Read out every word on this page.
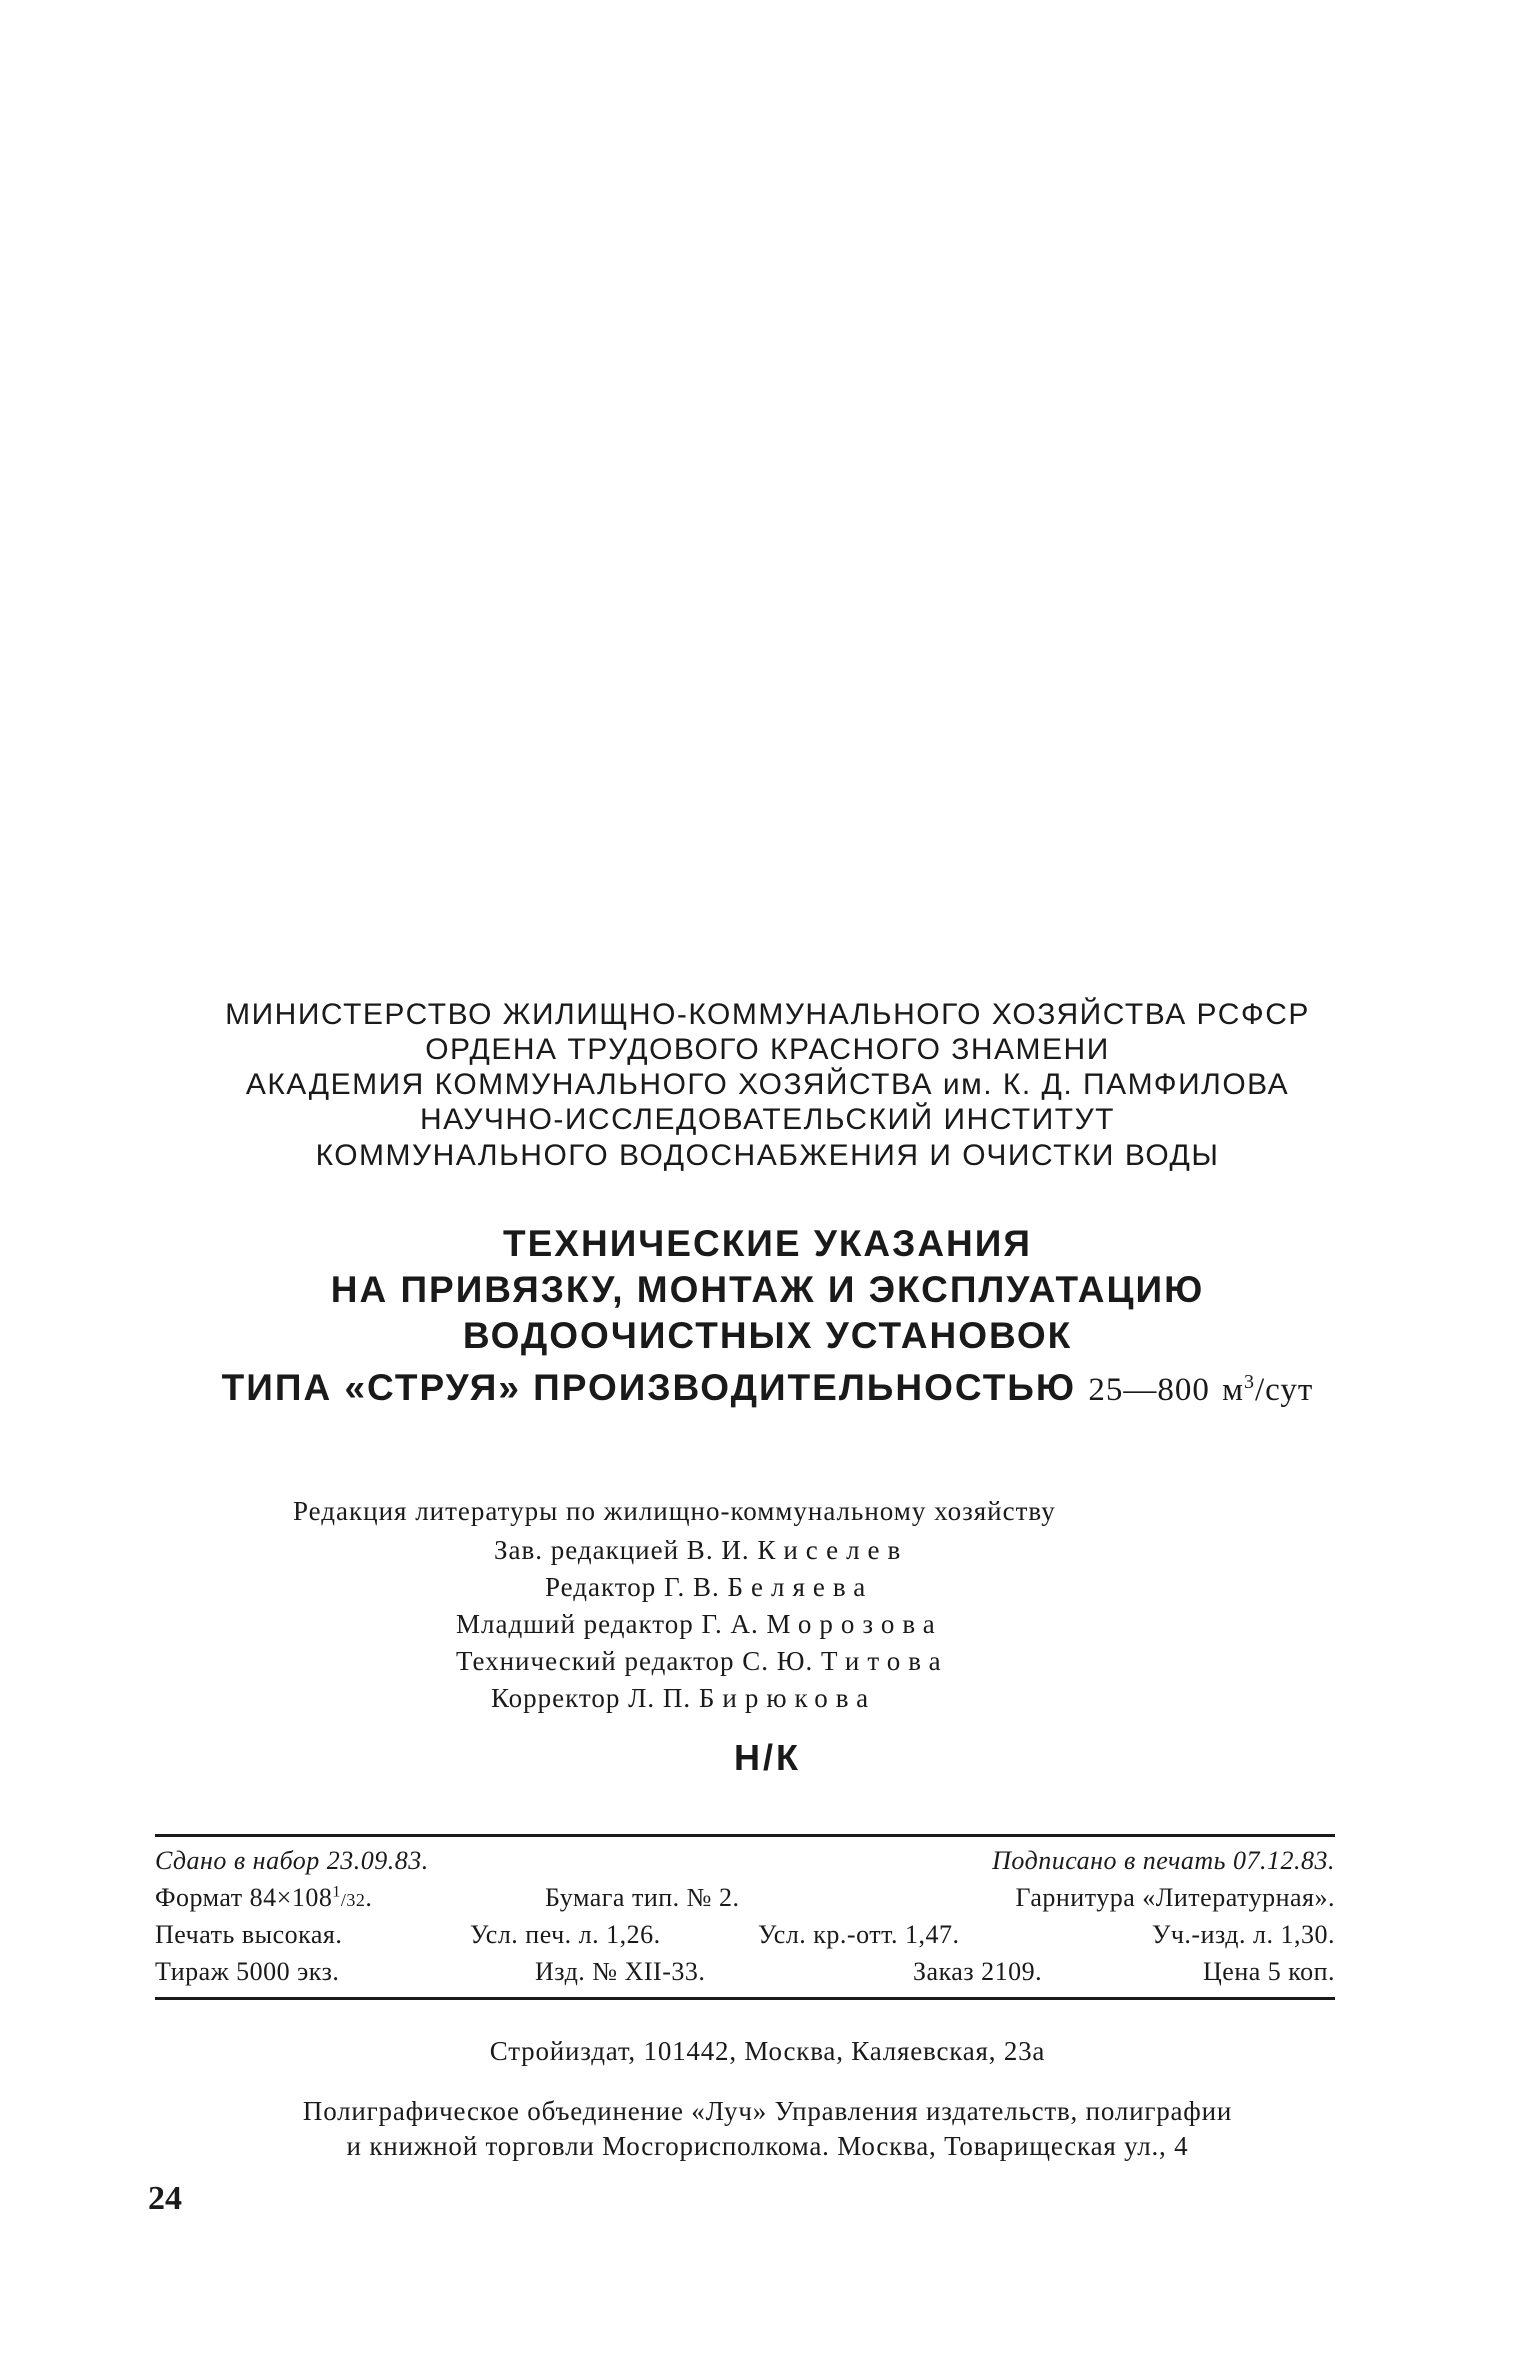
МИНИСТЕРСТВО ЖИЛИЩНО-КОММУНАЛЬНОГО ХОЗЯЙСТВА РСФСР
ОРДЕНА ТРУДОВОГО КРАСНОГО ЗНАМЕНИ
АКАДЕМИЯ КОММУНАЛЬНОГО ХОЗЯЙСТВА им. К. Д. ПАМФИЛОВА
НАУЧНО-ИССЛЕДОВАТЕЛЬСКИЙ ИНСТИТУТ
КОММУНАЛЬНОГО ВОДОСНАБЖЕНИЯ И ОЧИСТКИ ВОДЫ
ТЕХНИЧЕСКИЕ УКАЗАНИЯ
НА ПРИВЯЗКУ, МОНТАЖ И ЭКСПЛУАТАЦИЮ
ВОДООЧИСТНЫХ УСТАНОВОК
ТИПА «СТРУЯ» ПРОИЗВОДИТЕЛЬНОСТЬЮ 25—800 $м^3$/сут
Редакция литературы по жилищно-коммунальному хозяйству
Зав. редакцией В. И. Киселев
Редактор Г. В. Беляева
Младший редактор Г. А. Морозова
Технический редактор С. Ю. Титова
Корректор Л. П. Бирюкова
Н/К
Сдано в набор 23.09.83.	Подписано в печать 07.12.83.
Формат $84\times 108^1/32$.	Бумага тип. № 2.	Гарнитура «Литературная».
Печать высокая.	Усл. печ. л. 1,26.	Усл. кр.-отт. 1,47.	Уч.-изд. л. 1,30.
Тираж 5000 экз.	Изд. № XII-33.	Заказ 2109.	Цена 5 коп.
Стройиздат, 101442, Москва, Каляевская, 23а
Полиграфическое объединение «Луч» Управления издательств, полиграфии
и книжной торговли Мосгорисполкома. Москва, Товарищеская ул., 4
24
